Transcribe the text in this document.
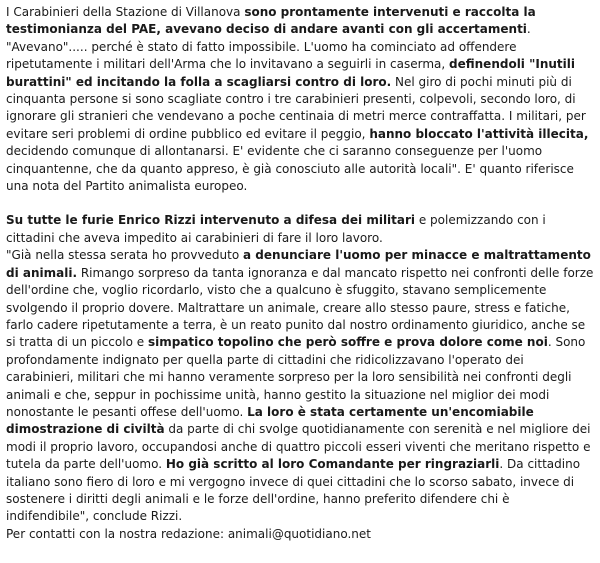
I Carabinieri della Stazione di Villanova sono prontamente intervenuti e raccolta la testimonianza del PAE, avevano deciso di andare avanti con gli accertamenti. "Avevano"..... perché è stato di fatto impossibile. L'uomo ha cominciato ad offendere ripetutamente i militari dell'Arma che lo invitavano a seguirli in caserma, definendoli "Inutili burattini" ed incitando la folla a scagliarsi contro di loro. Nel giro di pochi minuti più di cinquanta persone si sono scagliate contro i tre carabinieri presenti, colpevoli, secondo loro, di ignorare gli stranieri che vendevano a poche centinaia di metri merce contraffatta. I militari, per evitare seri problemi di ordine pubblico ed evitare il peggio, hanno bloccato l'attività illecita, decidendo comunque di allontanarsi. E' evidente che ci saranno conseguenze per l'uomo cinquantenne, che da quanto appreso, è già conosciuto alle autorità locali". E' quanto riferisce una nota del Partito animalista europeo.

Su tutte le furie Enrico Rizzi intervenuto a difesa dei militari e polemizzando con i cittadini che aveva impedito ai carabinieri di fare il loro lavoro.
"Già nella stessa serata ho provveduto a denunciare l'uomo per minacce e maltrattamento di animali. Rimango sorpreso da tanta ignoranza e dal mancato rispetto nei confronti delle forze dell'ordine che, voglio ricordarlo, visto che a qualcuno è sfuggito, stavano semplicemente svolgendo il proprio dovere. Maltrattare un animale, creare allo stesso paure, stress e fatiche, farlo cadere ripetutamente a terra, è un reato punito dal nostro ordinamento giuridico, anche se si tratta di un piccolo e simpatico topolino che però soffre e prova dolore come noi. Sono profondamente indignato per quella parte di cittadini che ridicolizzavano l'operato dei carabinieri, militari che mi hanno veramente sorpreso per la loro sensibilità nei confronti degli animali e che, seppur in pochissime unità, hanno gestito la situazione nel miglior dei modi nonostante le pesanti offese dell'uomo. La loro è stata certamente un'encomiabile dimostrazione di civiltà da parte di chi svolge quotidianamente con serenità e nel migliore dei modi il proprio lavoro, occupandosi anche di quattro piccoli esseri viventi che meritano rispetto e tutela da parte dell'uomo. Ho già scritto al loro Comandante per ringraziarli. Da cittadino italiano sono fiero di loro e mi vergogno invece di quei cittadini che lo scorso sabato, invece di sostenere i diritti degli animali e le forze dell'ordine, hanno preferito difendere chi è indifendibile", conclude Rizzi.
Per contatti con la nostra redazione: animali@quotidiano.net
